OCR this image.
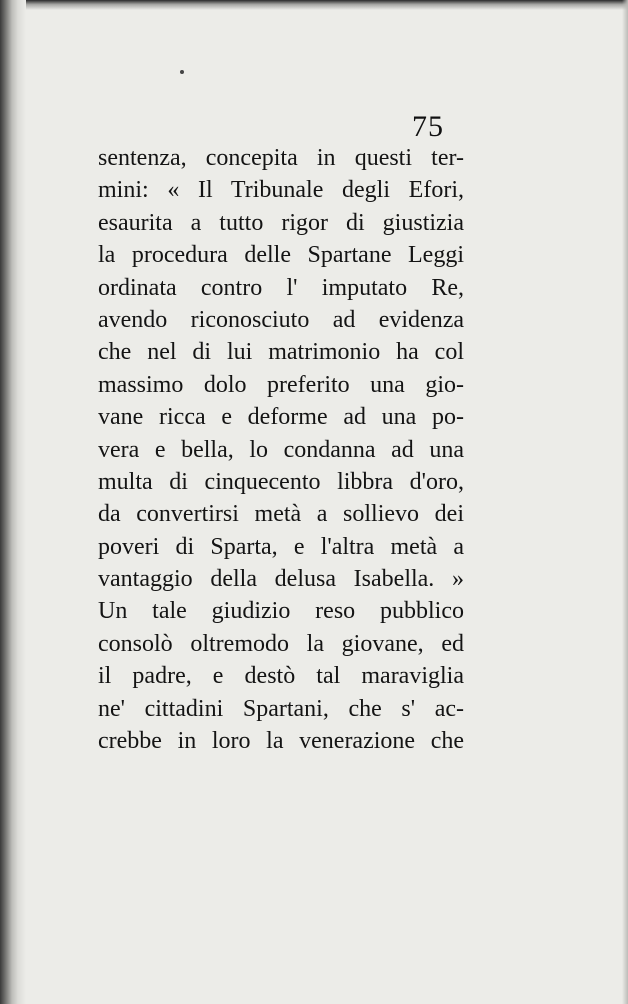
75
sentenza, concepita in questi ter-
mini: « Il Tribunale degli Efori,
esaurita a tutto rigor di giustizia
la procedura delle Spartane Leggi
ordinata contro l' imputato Re,
avendo riconosciuto ad evidenza
che nel di lui matrimonio ha col
massimo dolo preferito una gio-
vane ricca e deforme ad una po-
vera e bella, lo condanna ad una
multa di cinquecento libbra d'oro,
da convertirsi metà a sollievo dei
poveri di Sparta, e l'altra metà a
vantaggio della delusa Isabella. »
Un tale giudizio reso pubblico
consolò oltremodo la giovane, ed
il padre, e destò tal maraviglia
ne' cittadini Spartani, che s' ac-
crebbe in loro la venerazione che
